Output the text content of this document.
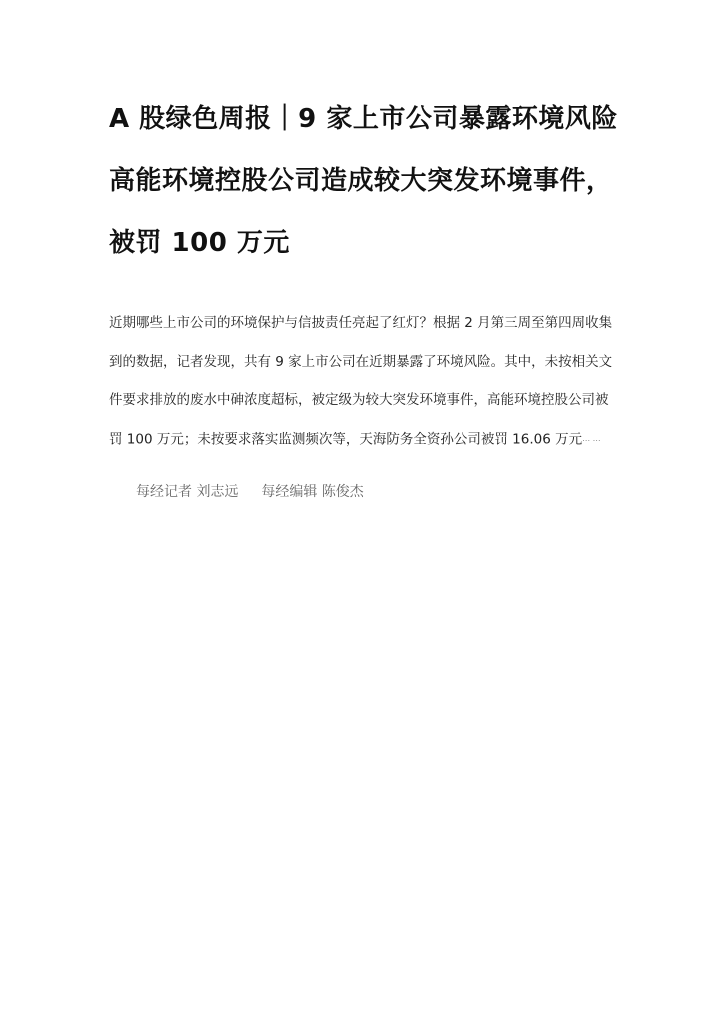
A 股绿色周报｜9 家上市公司暴露环境风险 高能环境控股公司造成较大突发环境事件，被罚 100 万元

近期哪些上市公司的环境保护与信披责任亮起了红灯？根据 2 月第三周至第四周收集到的数据，记者发现，共有 9 家上市公司在近期暴露了环境风险。其中，未按相关文件要求排放的废水中砷浓度超标，被定级为较大突发环境事件，高能环境控股公司被罚 100 万元；未按要求落实监测频次等，天海防务全资孙公司被罚 16.06 万元… …

每经记者 刘志远 每经编辑 陈俊杰
